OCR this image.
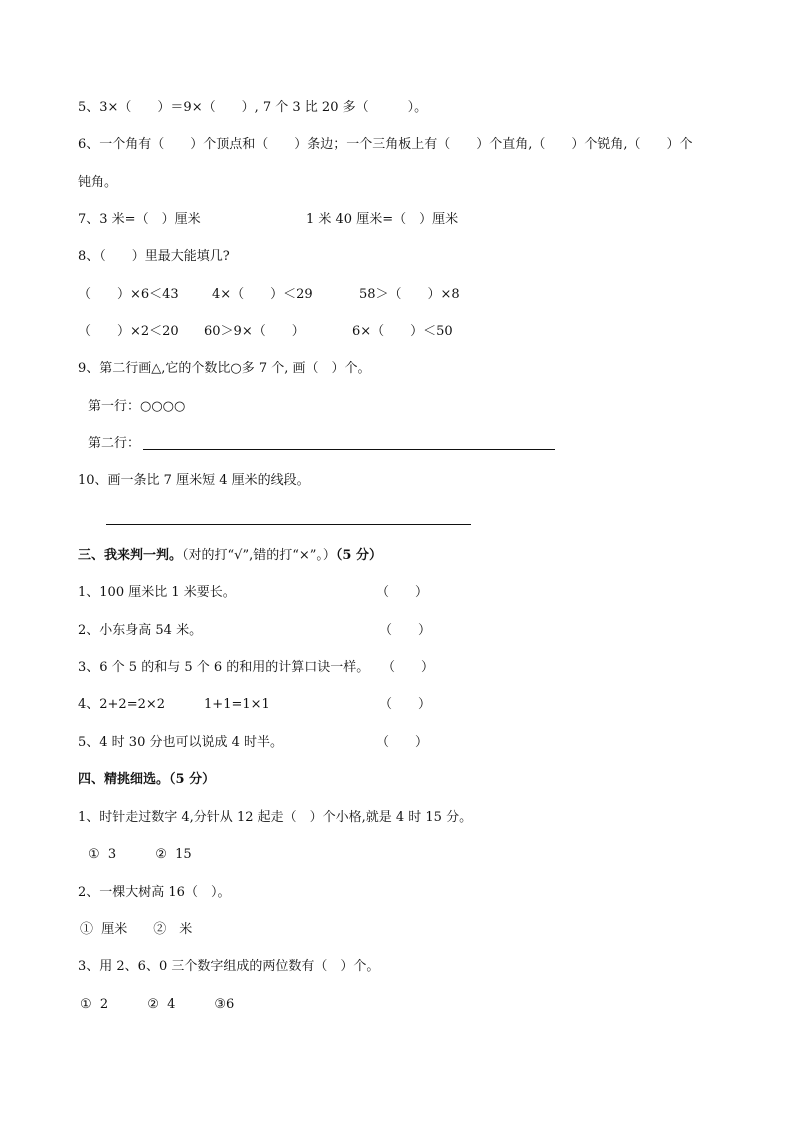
5、3×（　　）＝9×（　　）, 7 个 3 比 20 多（　　　）。
6、一个角有（　　）个顶点和（　　）条边；一个三角板上有（　　）个直角,（　　）个锐角,（　　）个
钝角。
7、3 米=（　）厘米	1 米 40 厘米=（　）厘米
8、（　　）里最大能填几?
（　　）×6＜43	4×（　　）＜29	58＞（　　）×8
（　　）×2＜20 60＞9×（　　）	6×（　　）＜50
9、第二行画△,它的个数比○多 7 个, 画（　）个。
第一行：○○○○
第二行：
10、画一条比 7 厘米短 4 厘米的线段。
三、我来判一判。（对的打“√”,错的打“×”。）（5 分）
1、100 厘米比 1 米要长。	（　　）
2、小东身高 54 米。	（　　）
3、6 个 5 的和与 5 个 6 的和用的计算口诀一样。 （　　）
4、2+2=2×2　　　1+1=1×1	（　　）
5、4 时 30 分也可以说成 4 时半。	（　　）
四、精挑细选。（5 分）
1、时针走过数字 4,分针从 12 起走（　）个小格,就是 4 时 15 分。
①  3　　　②  15
2、一棵大树高 16（　）。
①  厘米　　②　米
3、用 2、6、0 三个数字组成的两位数有（　）个。
①  2　　　②  4　　　③6
